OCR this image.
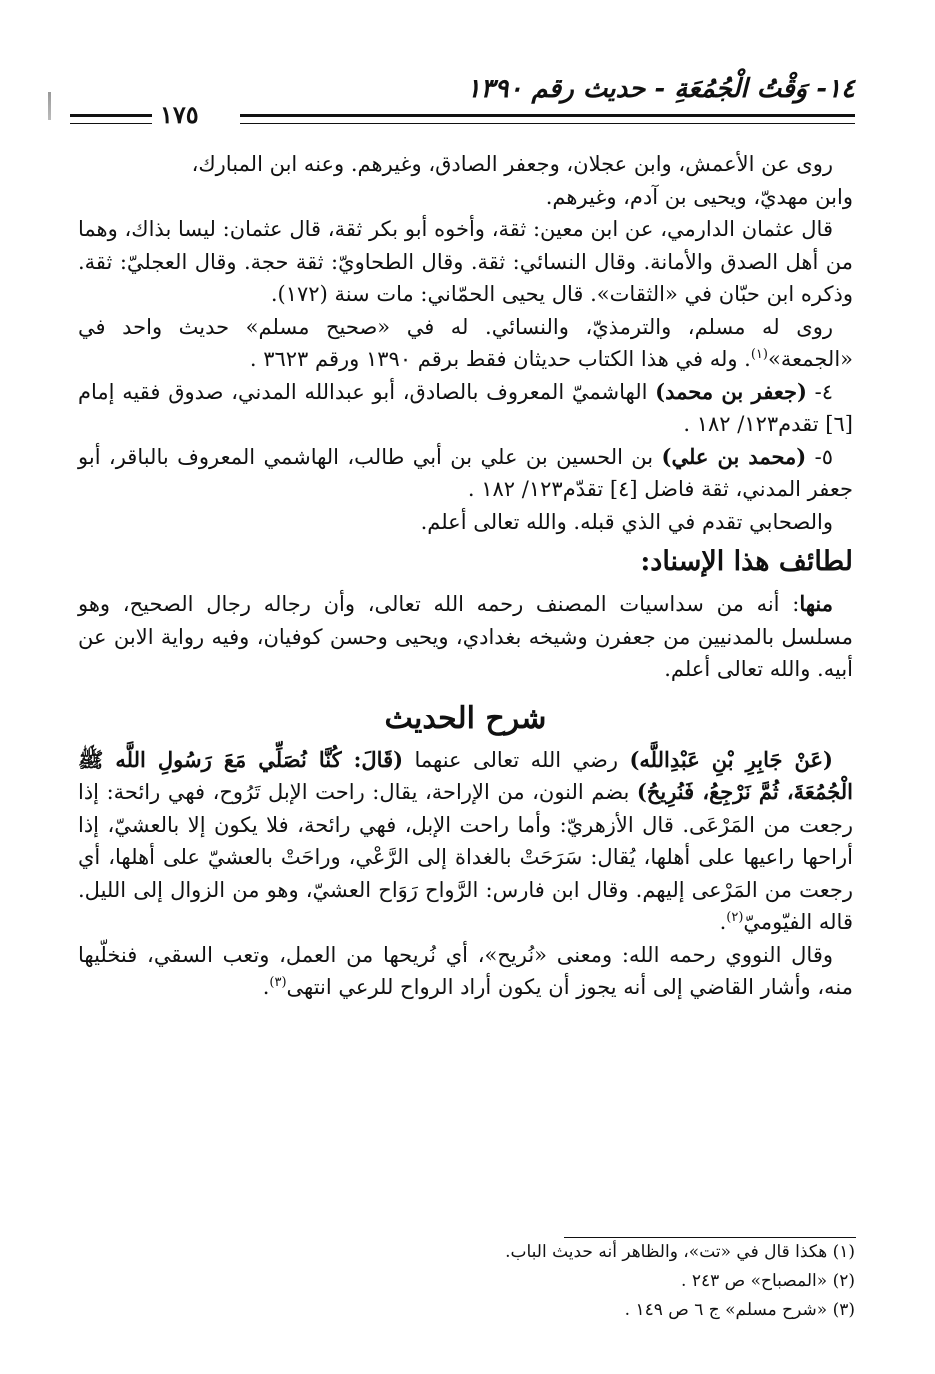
١٤- وَقْتُ الْجُمُعَةِ - حديث رقم ١٣٩٠
١٧٥

روى عن الأعمش، وابن عجلان، وجعفر الصادق، وغيرهم. وعنه ابن المبارك،
وابن مهديّ، ويحيى بن آدم، وغيرهم.

قال عثمان الدارمي، عن ابن معين: ثقة، وأخوه أبو بكر ثقة، قال عثمان: ليسا بذاك، وهما من أهل الصدق والأمانة. وقال النسائي: ثقة. وقال الطحاويّ: ثقة حجة. وقال العجليّ: ثقة. وذكره ابن حبّان في «الثقات». قال يحيى الحمّاني: مات سنة (١٧٢).

روى له مسلم، والترمذيّ، والنسائي. له في «صحيح مسلم» حديث واحد في «الجمعة»$^{(١)}$. وله في هذا الكتاب حديثان فقط برقم ١٣٩٠ ورقم ٣٦٢٣ .

٤- (جعفر بن محمد) الهاشميّ المعروف بالصادق، أبو عبدالله المدني، صدوق فقيه إمام [٦] تقدم١٢٣/ ١٨٢ .

٥- (محمد بن علي) بن الحسين بن علي بن أبي طالب، الهاشمي المعروف بالباقر، أبو جعفر المدني، ثقة فاضل [٤] تقدّم١٢٣/ ١٨٢ .

والصحابي تقدم في الذي قبله. والله تعالى أعلم.

لطائف هذا الإسناد:

منها: أنه من سداسيات المصنف رحمه الله تعالى، وأن رجاله رجال الصحيح، وهو مسلسل بالمدنيين من جعفرن وشيخه بغدادي، ويحيى وحسن كوفيان، وفيه رواية الابن عن أبيه. والله تعالى أعلم.

شرح الحديث

(عَنْ جَابِرِ بْنِ عَبْدِاللَّه) رضي الله تعالى عنهما (قَالَ: كُنَّا نُصَلِّي مَعَ رَسُولِ اللَّه ﷺ الْجُمُعَةَ، ثُمَّ نَرْجِعُ، فَنُرِيحُ) بضم النون، من الإراحة، يقال: راحت الإبل تَرُوح، فهي رائحة: إذا رجعت من المَرْعَى. قال الأزهريّ: وأما راحت الإبل، فهي رائحة، فلا يكون إلا بالعشيّ، إذا أراحها راعيها على أهلها، يُقال: سَرَحَتْ بالغداة إلى الرَّعْي، وراحَتْ بالعشيّ على أهلها، أي رجعت من المَرْعى إليهم. وقال ابن فارس: الرَّواح رَوَاح العشيّ، وهو من الزوال إلى الليل. قاله الفيّوميّ$^{(٢)}$.

وقال النووي رحمه الله: ومعنى «نُريح»، أي نُريحها من العمل، وتعب السقي، فنخلّيها منه، وأشار القاضي إلى أنه يجوز أن يكون أراد الرواح للرعي انتهى$^{(٣)}$.

(١) هكذا قال في «تت»، والظاهر أنه حديث الباب.

(٢) «المصباح» ص ٢٤٣ .

(٣) «شرح مسلم» ج ٦ ص ١٤٩ .
